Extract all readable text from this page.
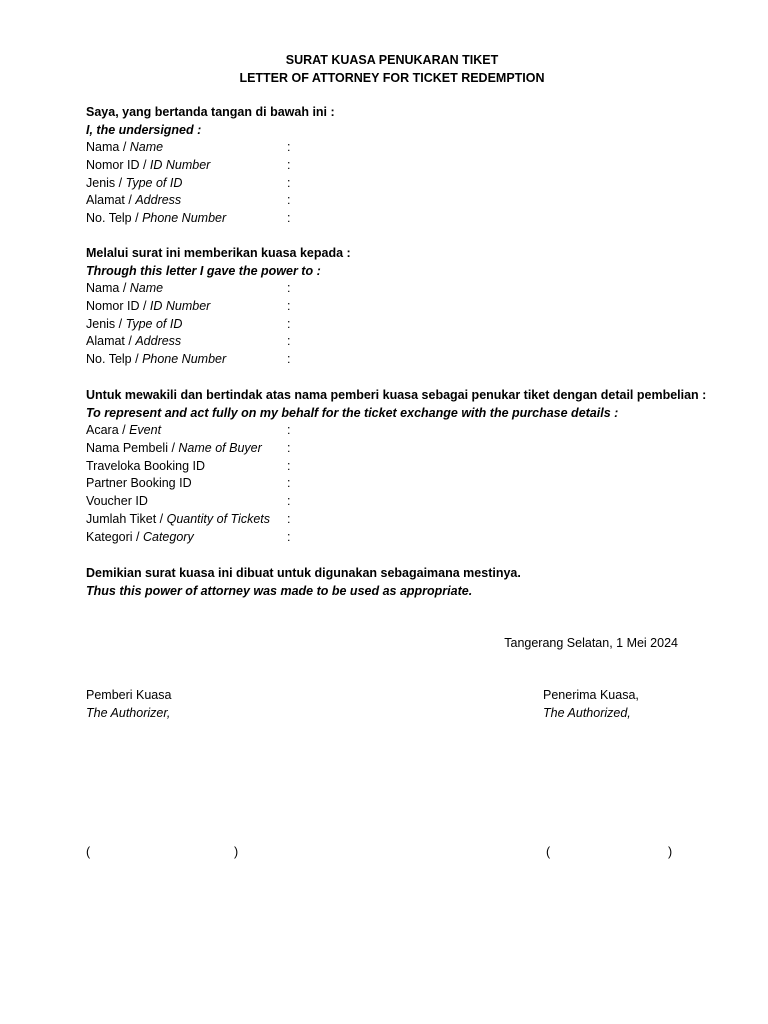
SURAT KUASA PENUKARAN TIKET
LETTER OF ATTORNEY FOR TICKET REDEMPTION
Saya, yang bertanda tangan di bawah ini :
I, the undersigned :
Nama / Name	:
Nomor ID / ID Number	:
Jenis / Type of ID	:
Alamat / Address	:
No. Telp / Phone Number	:
Melalui surat ini memberikan kuasa kepada :
Through this letter I gave the power to :
Nama / Name	:
Nomor ID / ID Number	:
Jenis / Type of ID	:
Alamat / Address	:
No. Telp / Phone Number	:
Untuk mewakili dan bertindak atas nama pemberi kuasa sebagai penukar tiket dengan detail pembelian :
To represent and act fully on my behalf for the ticket exchange with the purchase details :
Acara / Event	:
Nama Pembeli / Name of Buyer :
Traveloka Booking ID	:
Partner Booking ID	:
Voucher ID	:
Jumlah Tiket / Quantity of Tickets :
Kategori / Category	:
Demikian surat kuasa ini dibuat untuk digunakan sebagaimana mestinya.
Thus this power of attorney was made to be used as appropriate.
Tangerang Selatan, 1 Mei 2024
Pemberi Kuasa
The Authorizer,
Penerima Kuasa,
The Authorized,
(	)	(	)
